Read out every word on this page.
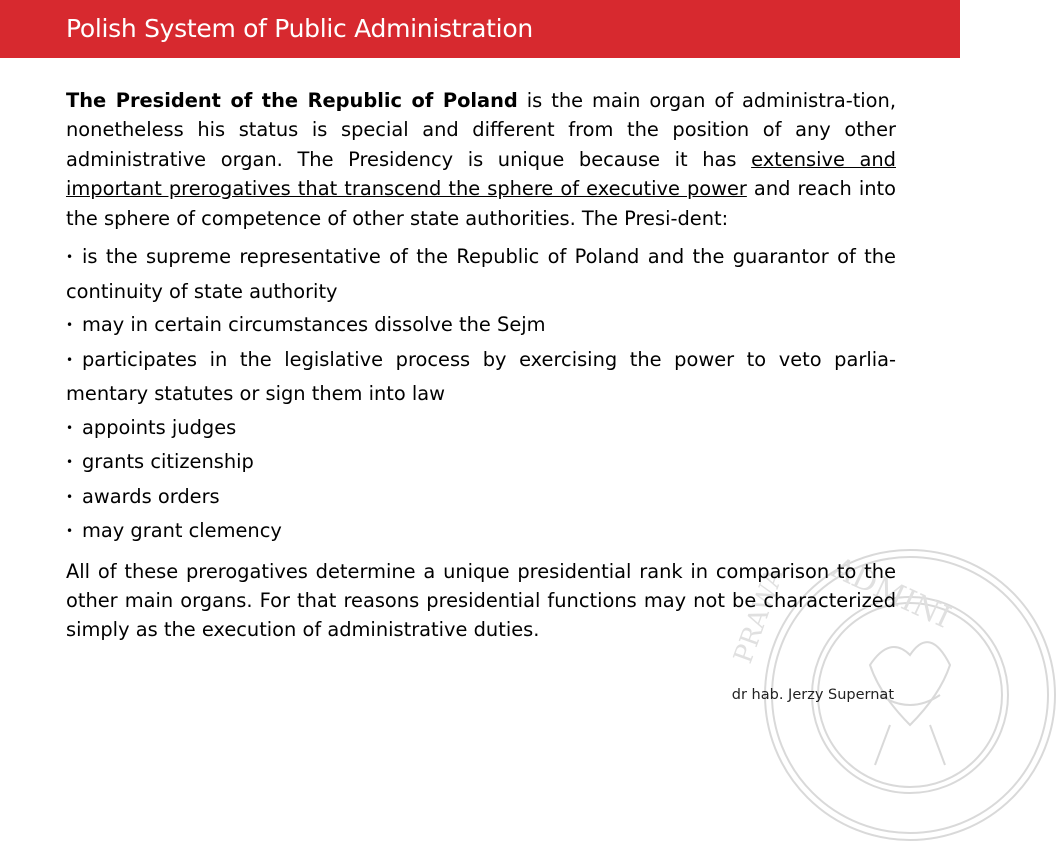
Polish System of Public Administration
ADMINI
PRAWA

The President of the Republic of Poland is the main organ of administra-tion, nonetheless his status is special and different from the position of any other administrative organ. The Presidency is unique because it has extensive and important prerogatives that transcend the sphere of executive power and reach into the sphere of competence of other state authorities. The Presi-dent:

• is the supreme representative of the Republic of Poland and the guarantor of the continuity of state authority
• may in certain circumstances dissolve the Sejm
• participates in the legislative process by exercising the power to veto parlia-mentary statutes or sign them into law
• appoints judges
• grants citizenship
• awards orders
• may grant clemency

All of these prerogatives determine a unique presidential rank in comparison to the other main organs. For that reasons presidential functions may not be characterized simply as the execution of administrative duties.

dr hab. Jerzy Supernat
